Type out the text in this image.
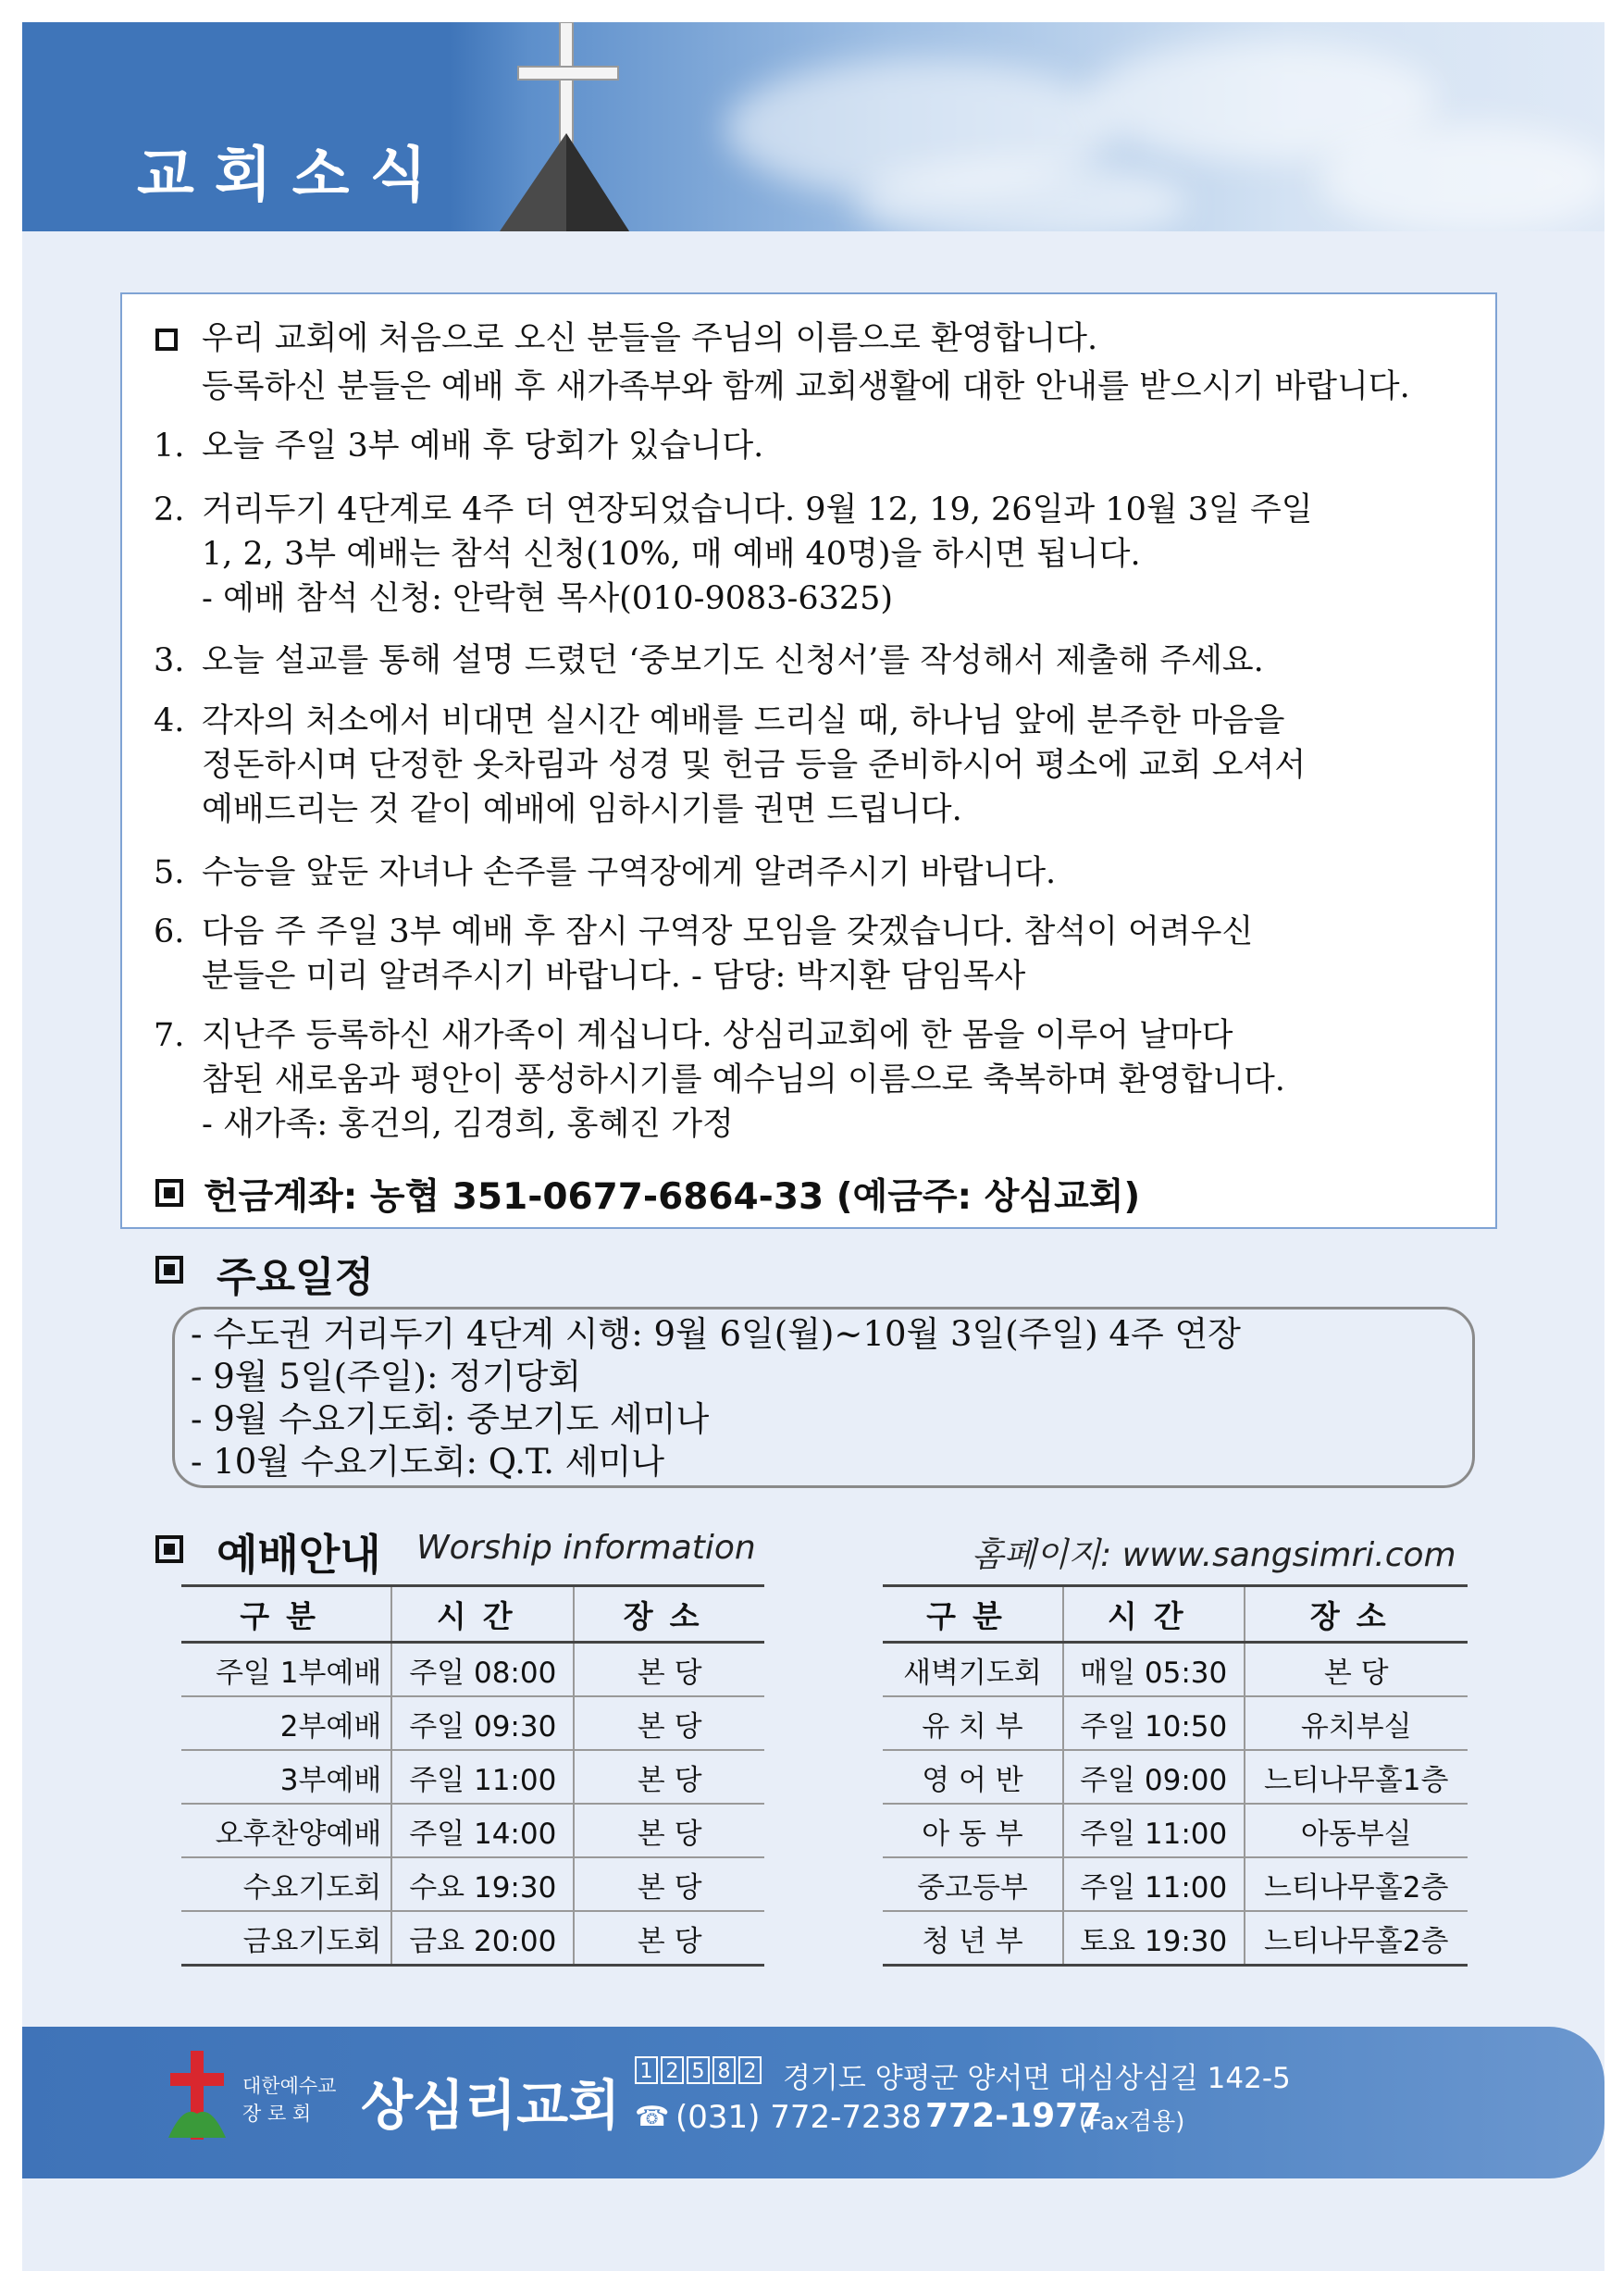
교회소식
우리 교회에 처음으로 오신 분들을 주님의 이름으로 환영합니다.
등록하신 분들은 예배 후 새가족부와 함께 교회생활에 대한 안내를 받으시기 바랍니다.
1. 오늘 주일 3부 예배 후 당회가 있습니다.
2. 거리두기 4단계로 4주 더 연장되었습니다. 9월 12, 19, 26일과 10월 3일 주일
1, 2, 3부 예배는 참석 신청(10%, 매 예배 40명)을 하시면 됩니다.
- 예배 참석 신청: 안락현 목사(010-9083-6325)
3. 오늘 설교를 통해 설명 드렸던 ‘중보기도 신청서’를 작성해서 제출해 주세요.
4. 각자의 처소에서 비대면 실시간 예배를 드리실 때, 하나님 앞에 분주한 마음을
정돈하시며 단정한 옷차림과 성경 및 헌금 등을 준비하시어 평소에 교회 오셔서
예배드리는 것 같이 예배에 임하시기를 권면 드립니다.
5. 수능을 앞둔 자녀나 손주를 구역장에게 알려주시기 바랍니다.
6. 다음 주 주일 3부 예배 후 잠시 구역장 모임을 갖겠습니다. 참석이 어려우신
분들은 미리 알려주시기 바랍니다. - 담당: 박지환 담임목사
7. 지난주 등록하신 새가족이 계십니다. 상심리교회에 한 몸을 이루어 날마다
참된 새로움과 평안이 풍성하시기를 예수님의 이름으로 축복하며 환영합니다.
- 새가족: 홍건의, 김경희, 홍혜진 가정
헌금계좌: 농협 351-0677-6864-33 (예금주: 상심교회)
주요일정
- 수도권 거리두기 4단계 시행: 9월 6일(월)~10월 3일(주일) 4주 연장
- 9월 5일(주일): 정기당회
- 9월 수요기도회: 중보기도 세미나
- 10월 수요기도회: Q.T. 세미나
예배안내 Worship information	홈페이지: www.sangsimri.com
구분	시간	장소
주일 1부예배	주일 08:00	본 당
2부예배	주일 09:30	본 당
3부예배	주일 11:00	본 당
오후찬양예배	주일 14:00	본 당
수요기도회	수요 19:30	본 당
금요기도회	금요 20:00	본 당
구분	시간	장소
새벽기도회	매일 05:30	본 당
유 치 부	주일 10:50	유치부실
영 어 반	주일 09:00	느티나무홀1층
아 동 부	주일 11:00	아동부실
중고등부	주일 11:00	느티나무홀2층
청 년 부	토요 19:30	느티나무홀2층
대한예수교
장 로 회 상심리교회
1 2 5 8 2 경기도 양평군 양서면 대심상심길 142-5
☎ (031) 772-7238 772-1977
(Fax겸용)
